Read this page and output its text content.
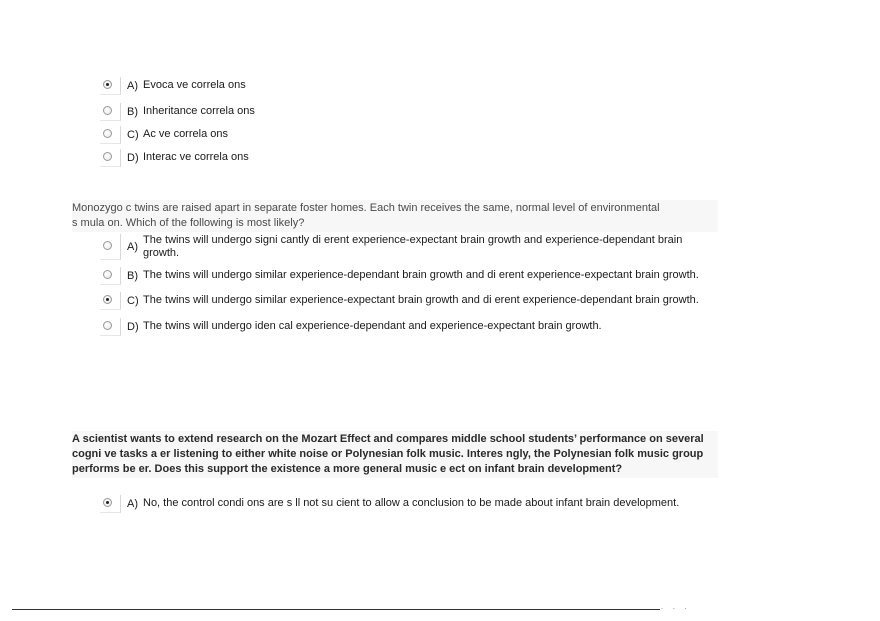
A) Evoca ve correla ons
B) Inheritance correla ons
C) Ac ve correla ons
D) Interac ve correla ons
Monozygo c twins are raised apart in separate foster homes. Each twin receives the same, normal level of environmental
s mula on. Which of the following is most likely?
A)
The twins will undergo signi cantly di erent experience-expectant brain growth and experience-dependant brain growth.
B) The twins will undergo similar experience-dependant brain growth and di erent experience-expectant brain growth.
C) The twins will undergo similar experience-expectant brain growth and di erent experience-dependant brain growth.
D) The twins will undergo iden cal experience-dependant and experience-expectant brain growth.
A scientist wants to extend research on the Mozart Effect and compares middle school students’ performance on several
cogni ve tasks a er listening to either white noise or Polynesian folk music. Interes ngly, the Polynesian folk music group
performs be er. Does this support the existence a more general music e ect on infant brain development?
A) No, the control condi ons are s ll not su cient to allow a conclusion to be made about infant brain development.
. . .
